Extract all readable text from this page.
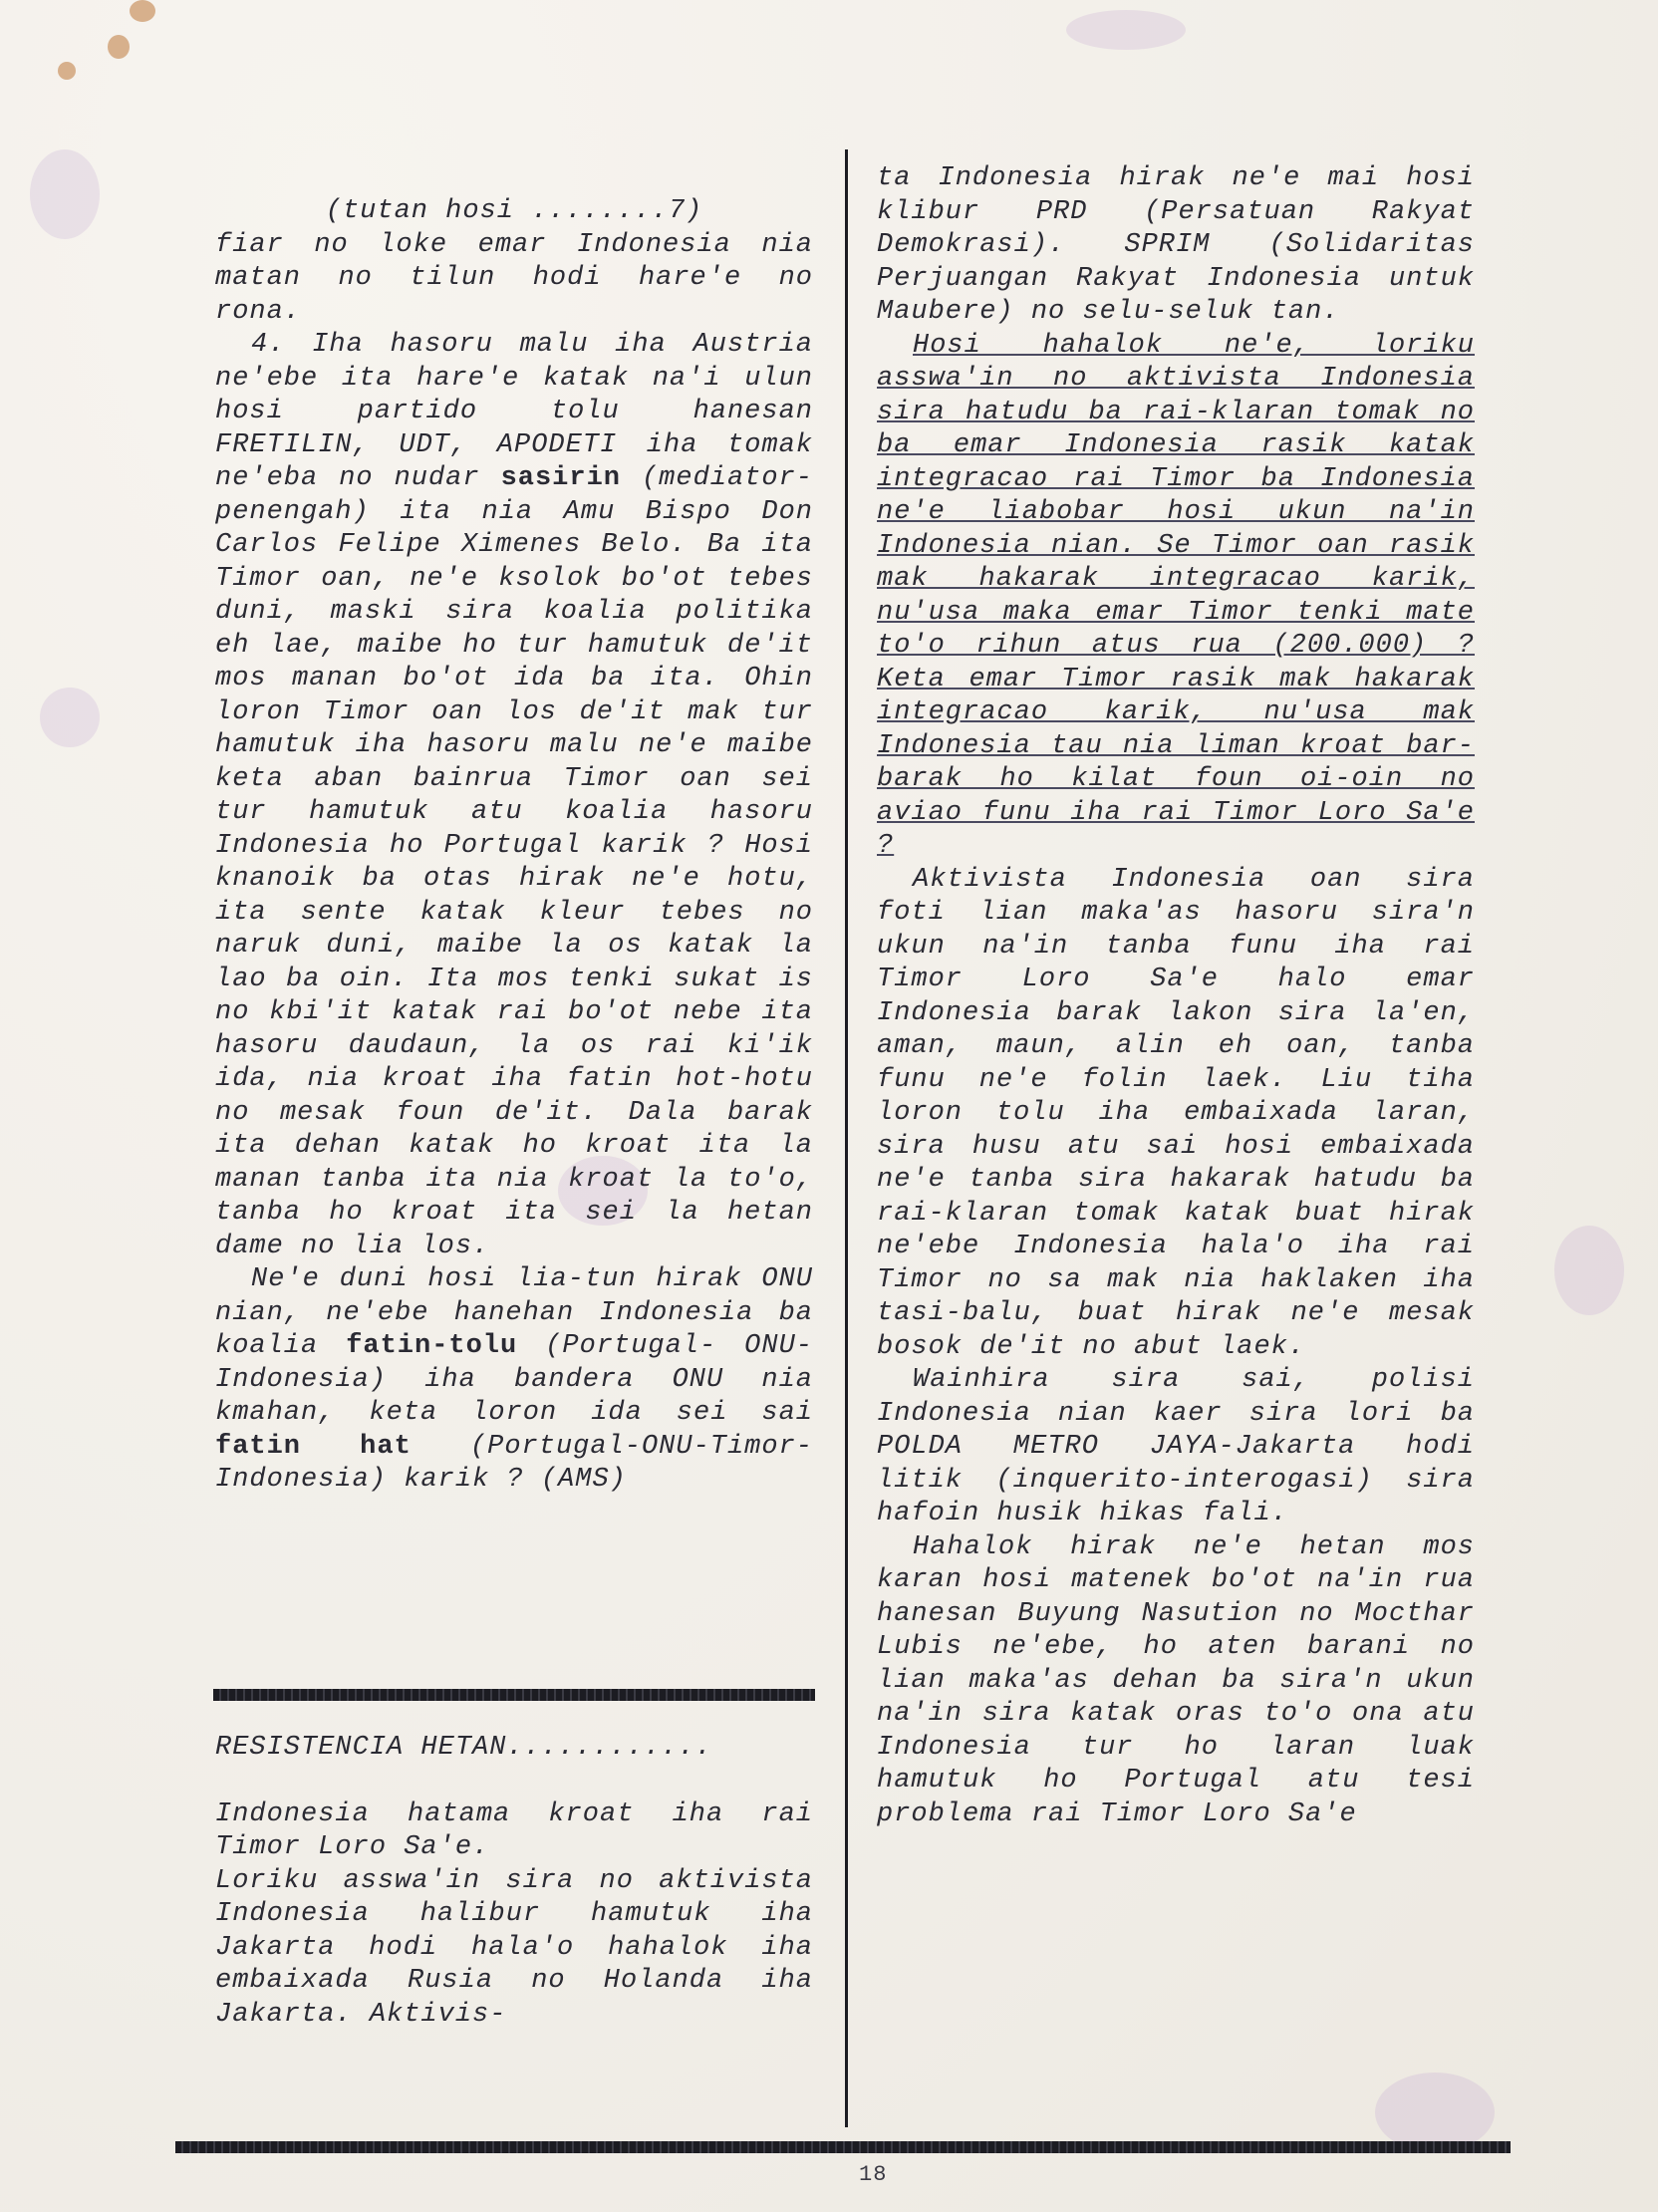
(tutan hosi ........7)

fiar no loke emar Indonesia nia matan no tilun hodi hare'e no rona.

4. Iha hasoru malu iha Austria ne'ebe ita hare'e katak na'i ulun hosi partido tolu hanesan FRETILIN, UDT, APODETI iha tomak ne'eba no nudar sasirin (mediator-penengah) ita nia Amu Bispo Don Carlos Felipe Ximenes Belo. Ba ita Timor oan, ne'e ksolok bo'ot tebes duni, maski sira koalia politika eh lae, maibe ho tur hamutuk de'it mos manan bo'ot ida ba ita. Ohin loron Timor oan los de'it mak tur hamutuk iha hasoru malu ne'e maibe keta aban bainrua Timor oan sei tur hamutuk atu koalia hasoru Indonesia ho Portugal karik ? Hosi knanoik ba otas hirak ne'e hotu, ita sente katak kleur tebes no naruk duni, maibe la os katak la lao ba oin. Ita mos tenki sukat is no kbi'it katak rai bo'ot nebe ita hasoru daudaun, la os rai ki'ik ida, nia kroat iha fatin hot-hotu no mesak foun de'it. Dala barak ita dehan katak ho kroat ita la manan tanba ita nia kroat la to'o, tanba ho kroat ita sei la hetan dame no lia los.

Ne'e duni hosi lia-tun hirak ONU nian, ne'ebe hanehan Indonesia ba koalia fatin-tolu (Portugal- ONU- Indonesia) iha bandera ONU nia kmahan, keta loron ida sei sai fatin hat (Portugal-ONU-Timor-Indonesia) karik ? (AMS)

RESISTENCIA HETAN............

Indonesia hatama kroat iha rai Timor Loro Sa'e.

Loriku asswa'in sira no aktivista Indonesia halibur hamutuk iha Jakarta hodi hala'o hahalok iha embaixada Rusia no Holanda iha Jakarta. Aktivis-

ta Indonesia hirak ne'e mai hosi klibur PRD (Persatuan Rakyat Demokrasi). SPRIM (Solidaritas Perjuangan Rakyat Indonesia untuk Maubere) no selu-seluk tan.

Hosi hahalok ne'e, loriku asswa'in no aktivista Indonesia sira hatudu ba rai-klaran tomak no ba emar Indonesia rasik katak integracao rai Timor ba Indonesia ne'e liabobar hosi ukun na'in Indonesia nian. Se Timor oan rasik mak hakarak integracao karik, nu'usa maka emar Timor tenki mate to'o rihun atus rua (200.000) ? Keta emar Timor rasik mak hakarak integracao karik, nu'usa mak Indonesia tau nia liman kroat bar-barak ho kilat foun oi-oin no aviao funu iha rai Timor Loro Sa'e ?

Aktivista Indonesia oan sira foti lian maka'as hasoru sira'n ukun na'in tanba funu iha rai Timor Loro Sa'e halo emar Indonesia barak lakon sira la'en, aman, maun, alin eh oan, tanba funu ne'e folin laek. Liu tiha loron tolu iha embaixada laran, sira husu atu sai hosi embaixada ne'e tanba sira hakarak hatudu ba rai-klaran tomak katak buat hirak ne'ebe Indonesia hala'o iha rai Timor no sa mak nia haklaken iha tasi-balu, buat hirak ne'e mesak bosok de'it no abut laek.

Wainhira sira sai, polisi Indonesia nian kaer sira lori ba POLDA METRO JAYA-Jakarta hodi litik (inquerito-interogasi) sira hafoin husik hikas fali.

Hahalok hirak ne'e hetan mos karan hosi matenek bo'ot na'in rua hanesan Buyung Nasution no Mocthar Lubis ne'ebe, ho aten barani no lian maka'as dehan ba sira'n ukun na'in sira katak oras to'o ona atu Indonesia tur ho laran luak hamutuk ho Portugal atu tesi problema rai Timor Loro Sa'e

18
